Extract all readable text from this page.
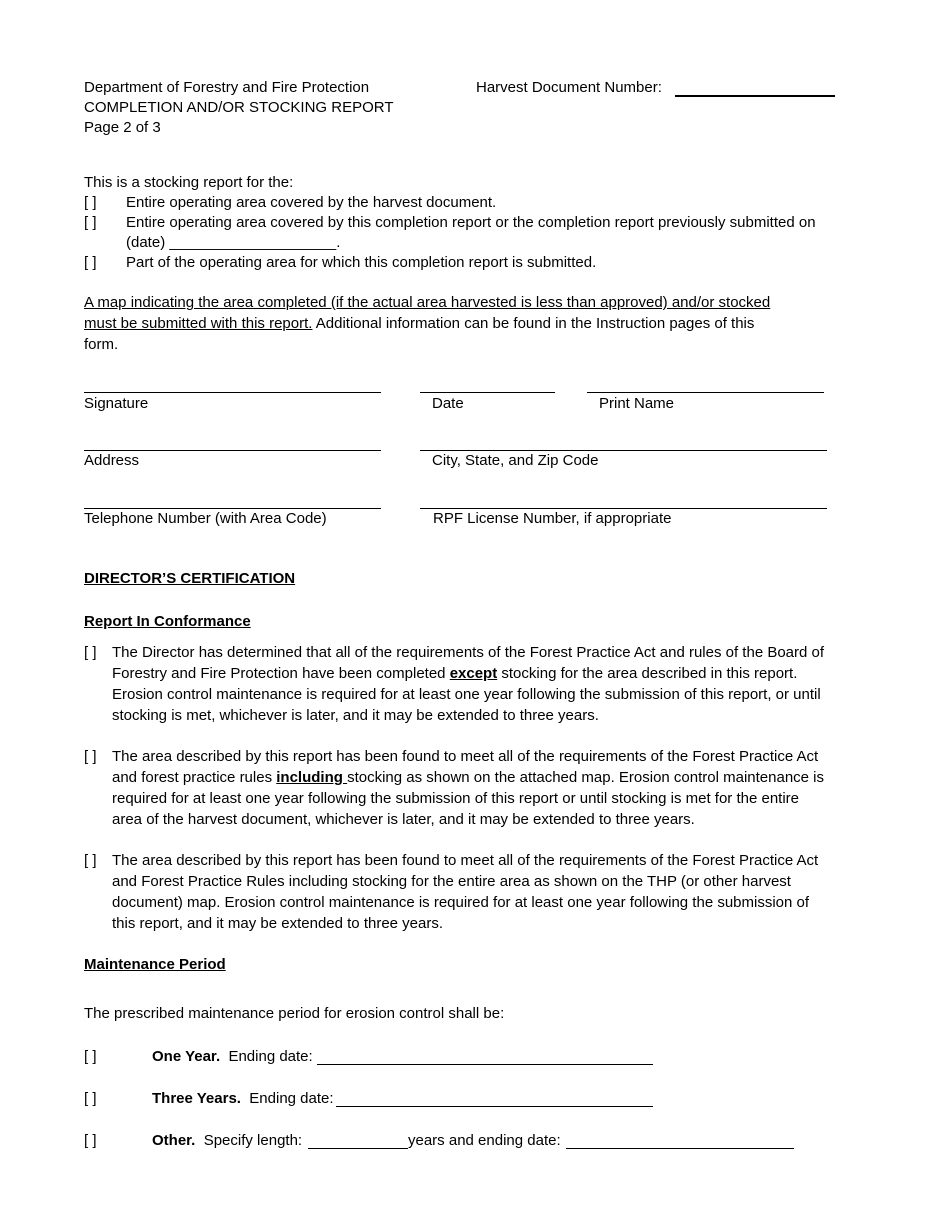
Department of Forestry and Fire Protection
COMPLETION AND/OR STOCKING REPORT
Page 2 of 3
Harvest Document Number:
This is a stocking report for the:
[ ] Entire operating area covered by the harvest document.
[ ] Entire operating area covered by this completion report or the completion report previously submitted on
(date) ____________________.
[ ] Part of the operating area for which this completion report is submitted.
A map indicating the area completed (if the actual area harvested is less than approved) and/or stocked
must be submitted with this report. Additional information can be found in the Instruction pages of this
form.
Signature	Date	Print Name
Address	City, State, and Zip Code
Telephone Number (with Area Code)	RPF License Number, if appropriate
DIRECTOR’S CERTIFICATION
Report In Conformance
[ ] The Director has determined that all of the requirements of the Forest Practice Act and rules of the Board of
Forestry and Fire Protection have been completed except stocking for the area described in this report.
Erosion control maintenance is required for at least one year following the submission of this report, or until
stocking is met, whichever is later, and it may be extended to three years.
[ ] The area described by this report has been found to meet all of the requirements of the Forest Practice Act
and forest practice rules including stocking as shown on the attached map. Erosion control maintenance is
required for at least one year following the submission of this report or until stocking is met for the entire
area of the harvest document, whichever is later, and it may be extended to three years.
[ ] The area described by this report has been found to meet all of the requirements of the Forest Practice Act
and Forest Practice Rules including stocking for the entire area as shown on the THP (or other harvest
document) map. Erosion control maintenance is required for at least one year following the submission of
this report, and it may be extended to three years.
Maintenance Period
The prescribed maintenance period for erosion control shall be:
[ ]	One Year. Ending date:
[ ]	Three Years. Ending date:
[ ]	Other. Specify length:	years and ending date:
